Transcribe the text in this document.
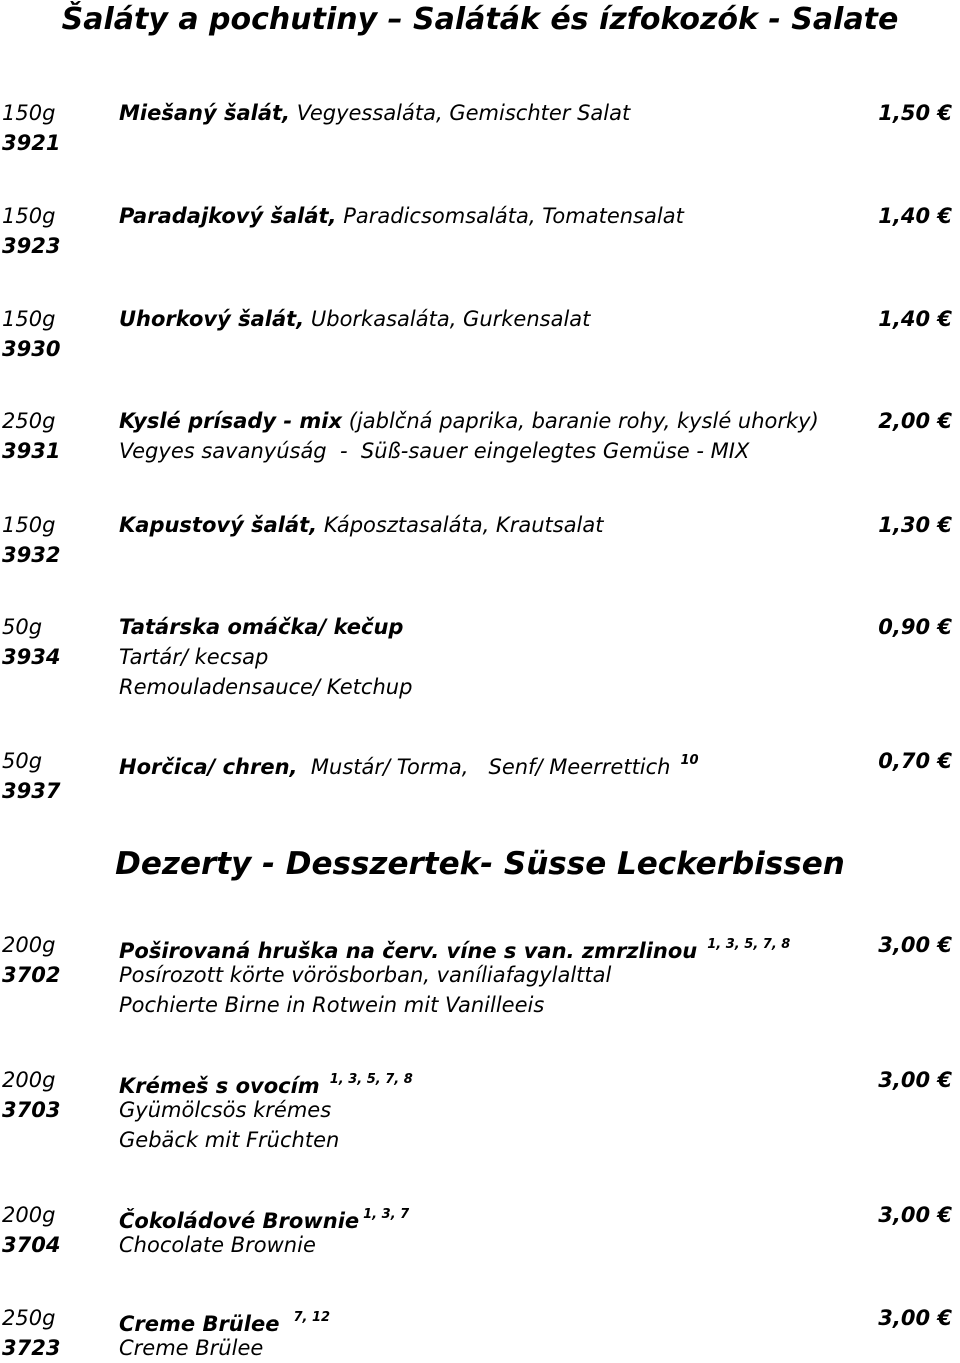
Šaláty a pochutiny – Saláták és ízfokozók - Salate
150g
3921
Miešaný šalát, Vegyessaláta, Gemischter Salat	1,50 €
150g
3923
Paradajkový šalát, Paradicsomsaláta, Tomatensalat	1,40 €
150g
3930
Uhorkový šalát, Uborkasaláta, Gurkensalat	1,40 €
250g
3931
Kyslé prísady - mix (jablčná paprika, baranie rohy, kyslé uhorky)
Vegyes savanyúság  -  Süß-sauer eingelegtes Gemüse - MIX
2,00 €
150g
3932
Kapustový šalát, Káposztasaláta, Krautsalat	1,30 €
50g
3934
Tatárska omáčka/ kečup
Tartár/ kecsap
Remouladensauce/ Ketchup
0,90 €
50g
3937
Horčica/ chren, Mustár/ Torma,   Senf/ Meerrettich $^{10}$	0,70 €
Dezerty - Desszertek- Süsse Leckerbissen
200g
3702
Poširovaná hruška na červ. víne s van. zmrzlinou $^{1, 3, 5, 7, 8}$
Posírozott körte vörösborban, vaníliafagylalttal
Pochierte Birne in Rotwein mit Vanilleeis
3,00 €
200g
3703
Krémeš s ovocím $^{1, 3, 5, 7, 8}$
Gyümölcsös krémes
Gebäck mit Früchten
3,00 €
200g
3704
Čokoládové Brownie $^{1, 3, 7}$
Chocolate Brownie
3,00 €
250g
3723
Creme Brülee $^{7, 12}$
Creme Brülee
3,00 €
